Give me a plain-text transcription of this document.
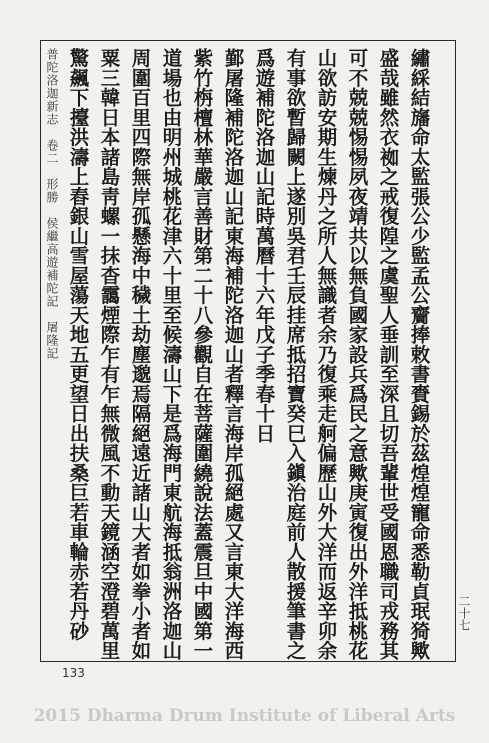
普陀洛迦新志　卷二　形勝　侯繼高遊補陀記　屠隆記	繡綵結旛命太監張公少監孟公齎捧敕書賚錫於茲煌煌寵命悉勒貞珉猗歟
盛哉雖然衣袽之戒復隍之虞聖人垂訓至深且切吾輩世受國恩職司戎務其
可不兢兢惕惕夙夜靖共以無負國家設兵爲民之意歟庚寅復出外洋抵桃花
山欲訪安期生煉丹之所人無識者余乃復乘走舸偏歷山外大洋而返辛卯余
有事欲暫歸闕上遂別吳君壬辰挂席抵招寶癸巳入鎭治庭前人散援筆書之
爲遊補陀洛迦山記時萬曆十六年戊子季春十日
鄞屠隆補陀洛迦山記東海補陀洛迦山者釋言海岸孤絕處又言東大洋海西
紫竹栴檀林華嚴言善財第二十八參觀自在菩薩圍繞說法蓋震旦中國第一
道場也由明州城桃花津六十里至候濤山下是爲海門東航海抵翁洲洛迦山
周圍百里四際無岸孤懸海中穢土劫塵邈焉隔絕遠近諸山大者如拳小者如
粟三韓日本諸島靑螺一抹杳靄煙際乍有乍無微風不動天鏡涵空澄碧萬里
驚飆下擡洪濤上舂銀山雪屋蕩天地五更望日出扶桑巨若車輪赤若丹砂	二十七
133
2015 Dharma Drum Institute of Liberal Arts
